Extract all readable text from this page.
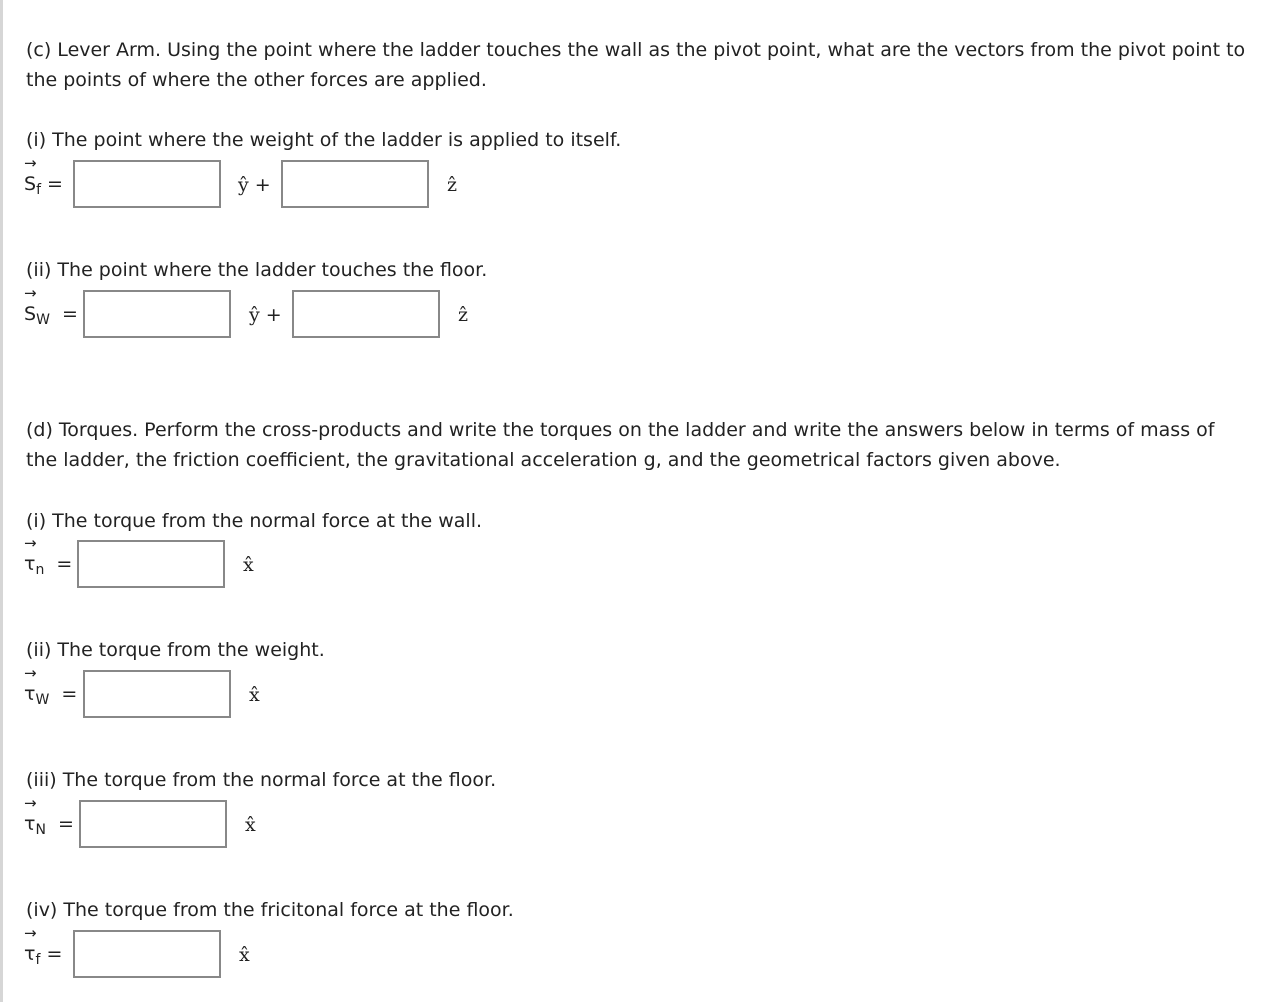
(c) Lever Arm. Using the point where the ladder touches the wall as the pivot point, what are the vectors from the pivot point to the points of where the other forces are applied.

(i) The point where the weight of the ladder is applied to itself.

→
$S_f$ =	ŷ +	ẑ

(ii) The point where the ladder touches the floor.

→
$S_W$ =	ŷ +	ẑ

(d) Torques. Perform the cross-products and write the torques on the ladder and write the answers below in terms of mass of the ladder, the friction coefficient, the gravitational acceleration g, and the geometrical factors given above.

(i) The torque from the normal force at the wall.

→
$\tau_n$ =	x̂

(ii) The torque from the weight.

→
$\tau_W$ =	x̂

(iii) The torque from the normal force at the floor.

→
$\tau_N$ =	x̂

(iv) The torque from the fricitonal force at the floor.

→
$\tau_f$ =	x̂
